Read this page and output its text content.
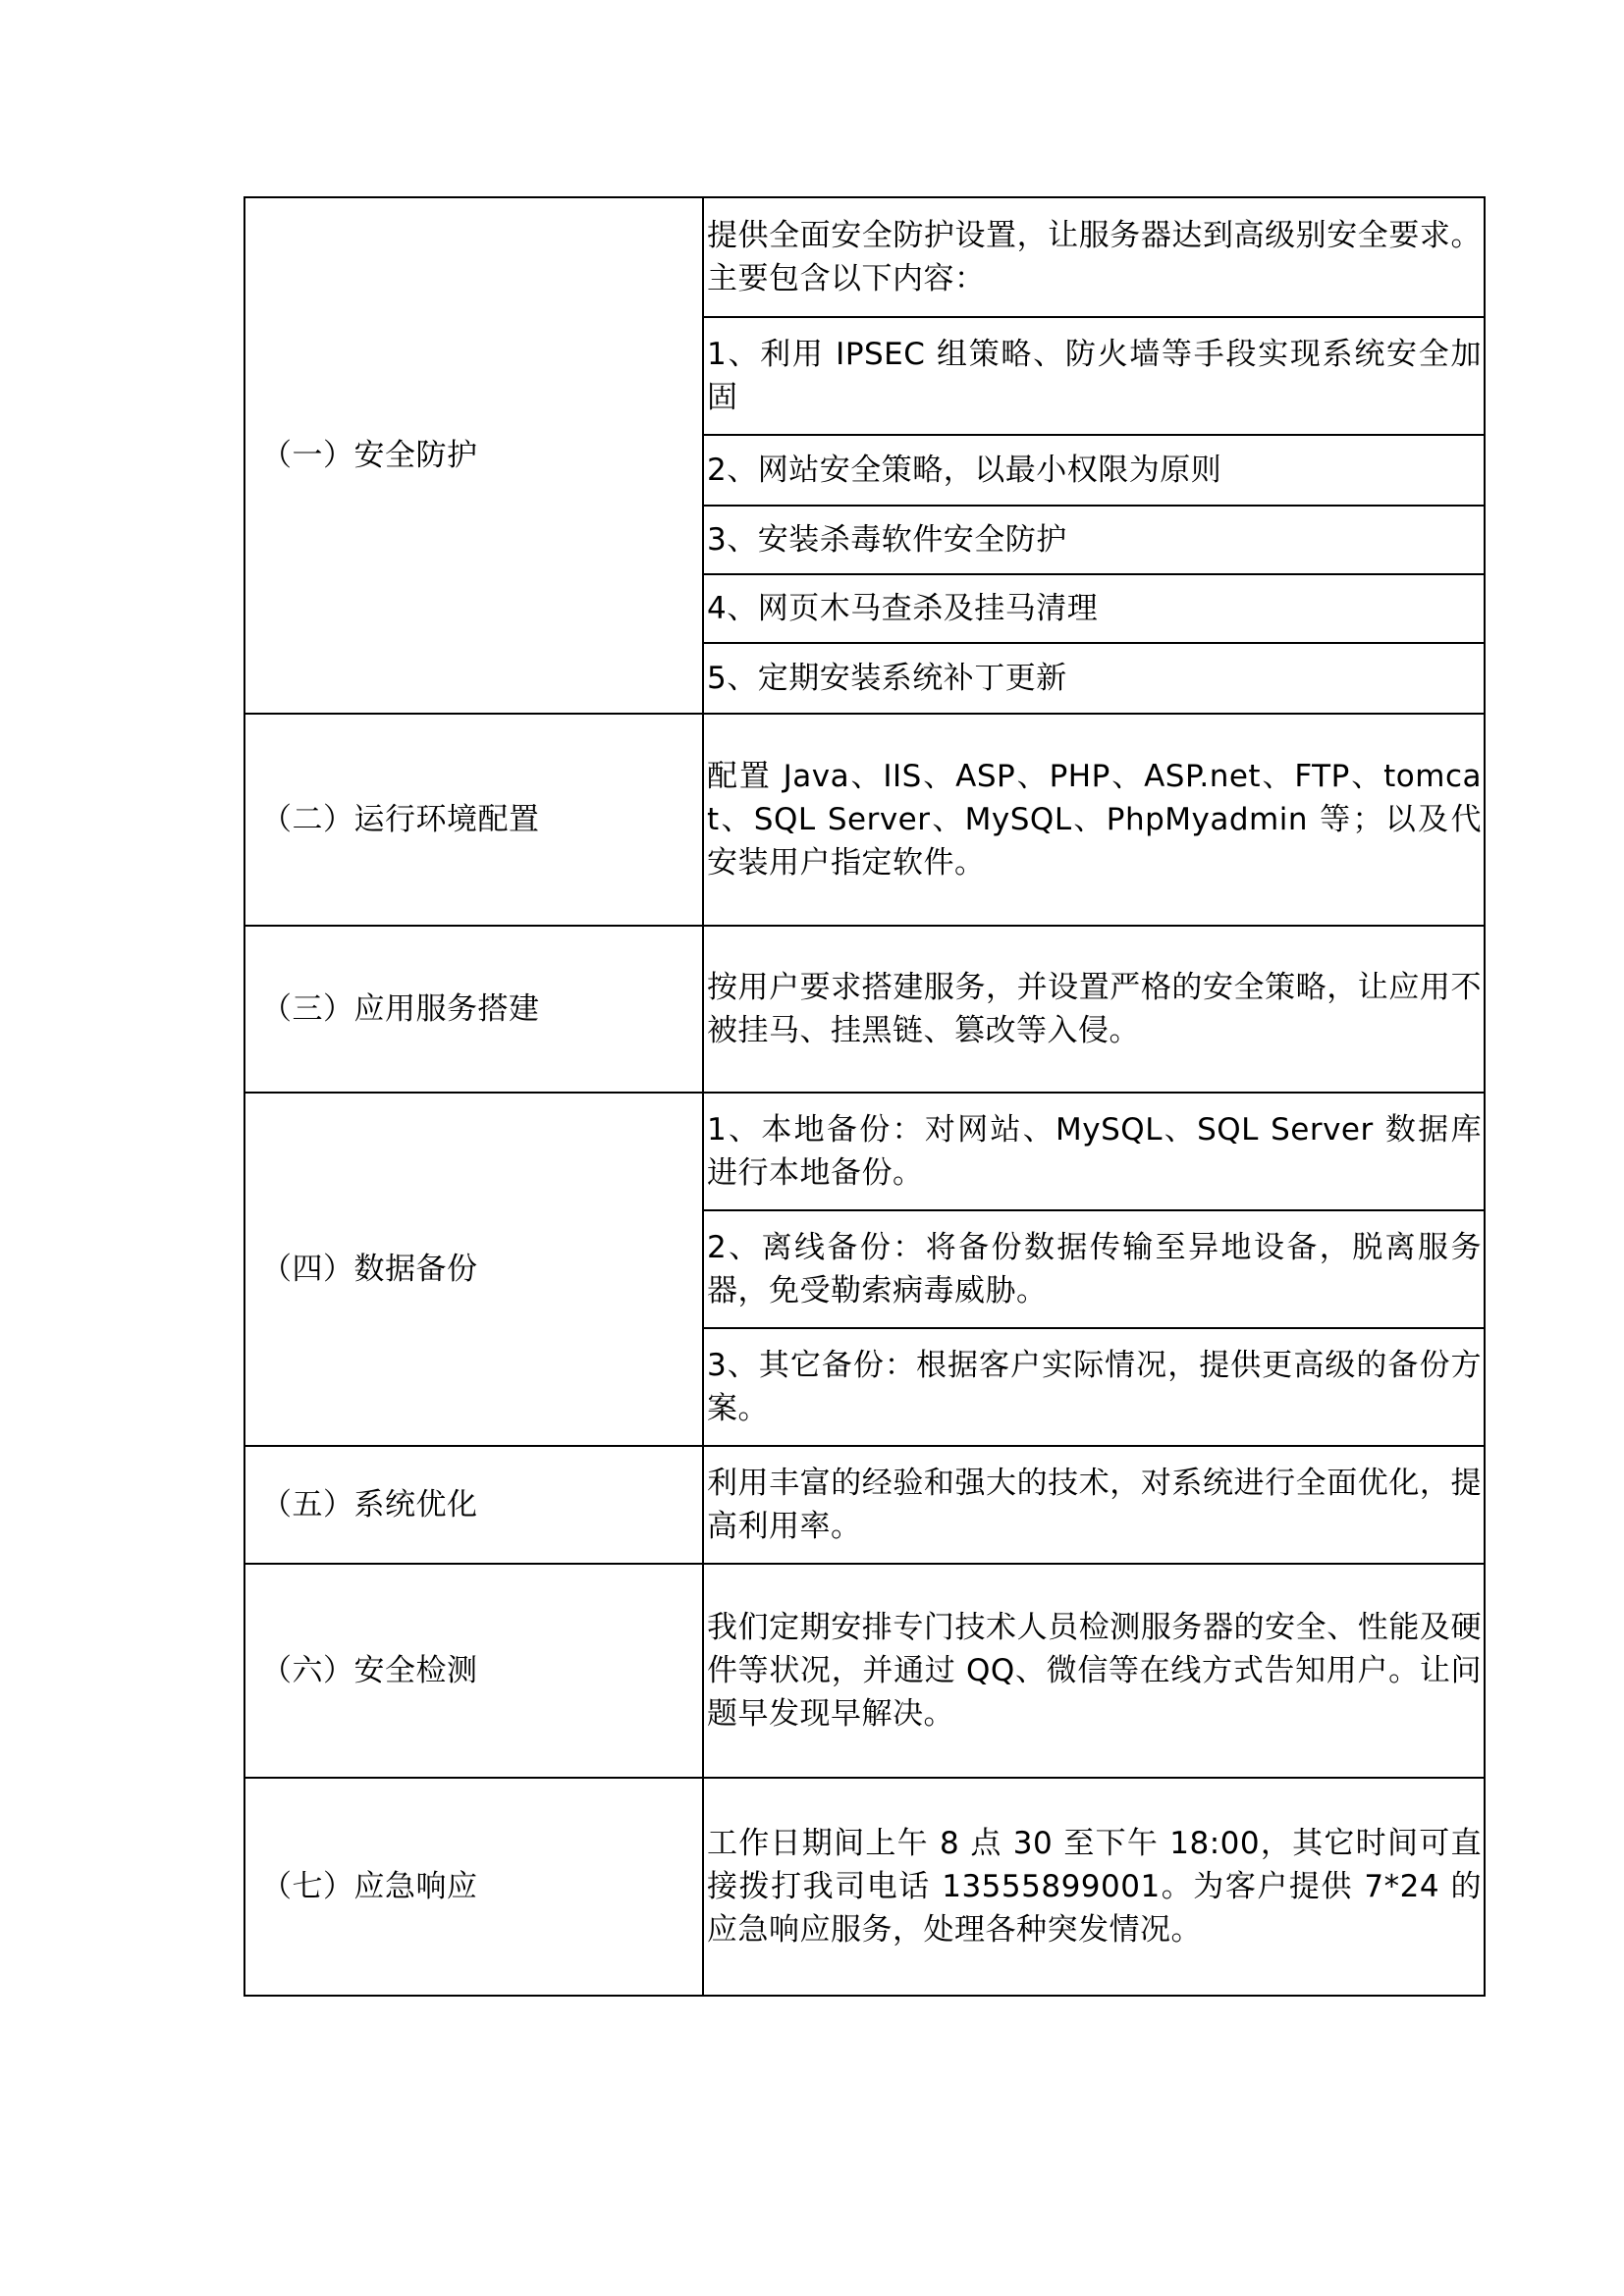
（一）安全防护	提供全面安全防护设置，让服务器达到高级别安全要求。主要包含以下内容：

	1、利用 IPSEC 组策略、防火墙等手段实现系统安全加固

	2、网站安全策略，以最小权限为原则

	3、安装杀毒软件安全防护

	4、网页木马查杀及挂马清理

	5、定期安装系统补丁更新

（二）运行环境配置	配置 Java、IIS、ASP、PHP、ASP.net、FTP、tomcat、SQL Server、MySQL、PhpMyadmin 等；以及代安装用户指定软件。

（三）应用服务搭建	按用户要求搭建服务，并设置严格的安全策略，让应用不被挂马、挂黑链、篡改等入侵。

（四）数据备份	1、本地备份：对网站、MySQL、SQL Server 数据库进行本地备份。

	2、离线备份：将备份数据传输至异地设备，脱离服务器，免受勒索病毒威胁。

	3、其它备份：根据客户实际情况，提供更高级的备份方案。

（五）系统优化	利用丰富的经验和强大的技术，对系统进行全面优化，提高利用率。

（六）安全检测	我们定期安排专门技术人员检测服务器的安全、性能及硬件等状况，并通过 QQ、微信等在线方式告知用户。让问题早发现早解决。

（七）应急响应	工作日期间上午 8 点 30 至下午 18:00，其它时间可直接拨打我司电话 13555899001。为客户提供 7*24 的应急响应服务，处理各种突发情况。
